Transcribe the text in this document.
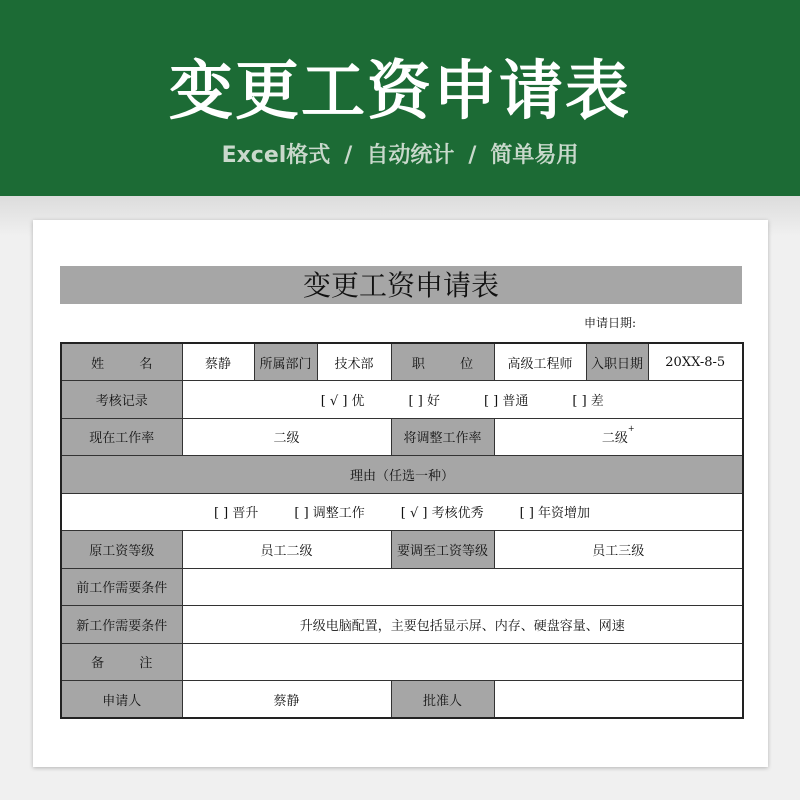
变更工资申请表
Excel格式 / 自动统计 / 简单易用
变更工资申请表
申请日期:
姓 名	蔡静	所属部门	技术部	职 位	高级工程师	入职日期	20XX-8-5
考核记录	[ √ ] 优 [ ] 好 [ ] 普通 [ ] 差						
现在工作率	二级			将调整工作率	二级+
理由（任选一种）							
[ ] 晋升 [ ] 调整工作 [ √ ] 考核优秀 [ ] 年资增加							
原工资等级	员工二级			要调至工资等级	员工三级		
前工作需要条件							
新工作需要条件	升级电脑配置，主要包括显示屏、内存、硬盘容量、网速						
备 注							
申请人	蔡静			批准人			
